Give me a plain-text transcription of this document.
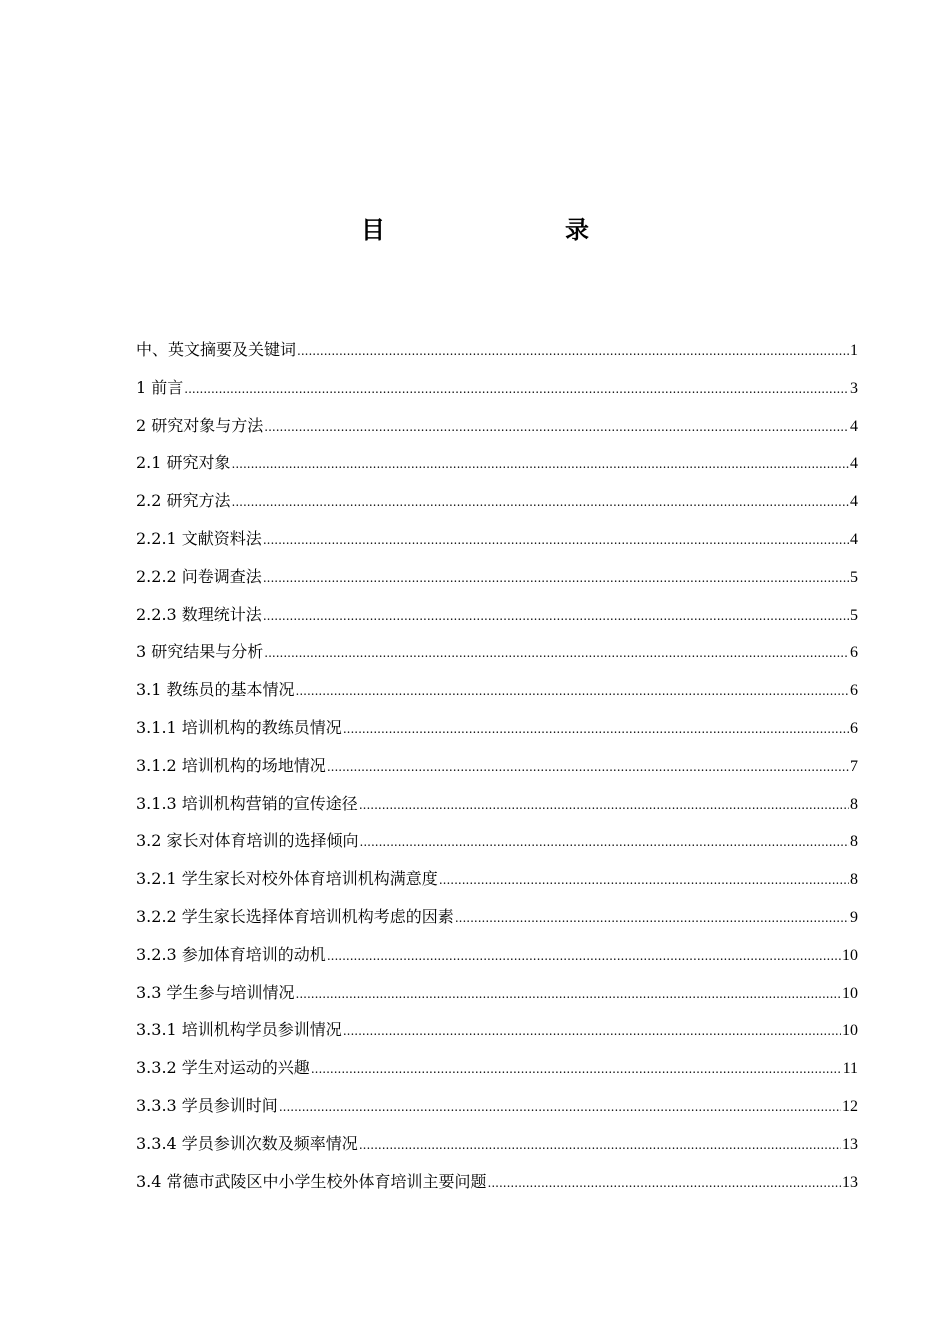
目　　录
中、英文摘要及关键词 .....	1
1 前言 .....	3
2 研究对象与方法 .....	4
2.1 研究对象 .....	4
2.2 研究方法 .....	4
2.2.1 文献资料法 .....	4
2.2.2 问卷调查法 .....	5
2.2.3 数理统计法 .....	5
3 研究结果与分析 .....	6
3.1 教练员的基本情况 .....	6
3.1.1 培训机构的教练员情况 .....	6
3.1.2 培训机构的场地情况 .....	7
3.1.3 培训机构营销的宣传途径 .....	8
3.2 家长对体育培训的选择倾向 .....	8
3.2.1 学生家长对校外体育培训机构满意度 .....	8
3.2.2 学生家长选择体育培训机构考虑的因素 .....	9
3.2.3 参加体育培训的动机 .....	10
3.3 学生参与培训情况 .....	10
3.3.1 培训机构学员参训情况 .....	10
3.3.2 学生对运动的兴趣 .....	11
3.3.3 学员参训时间 .....	12
3.3.4 学员参训次数及频率情况 .....	13
3.4 常德市武陵区中小学生校外体育培训主要问题 .....	13
